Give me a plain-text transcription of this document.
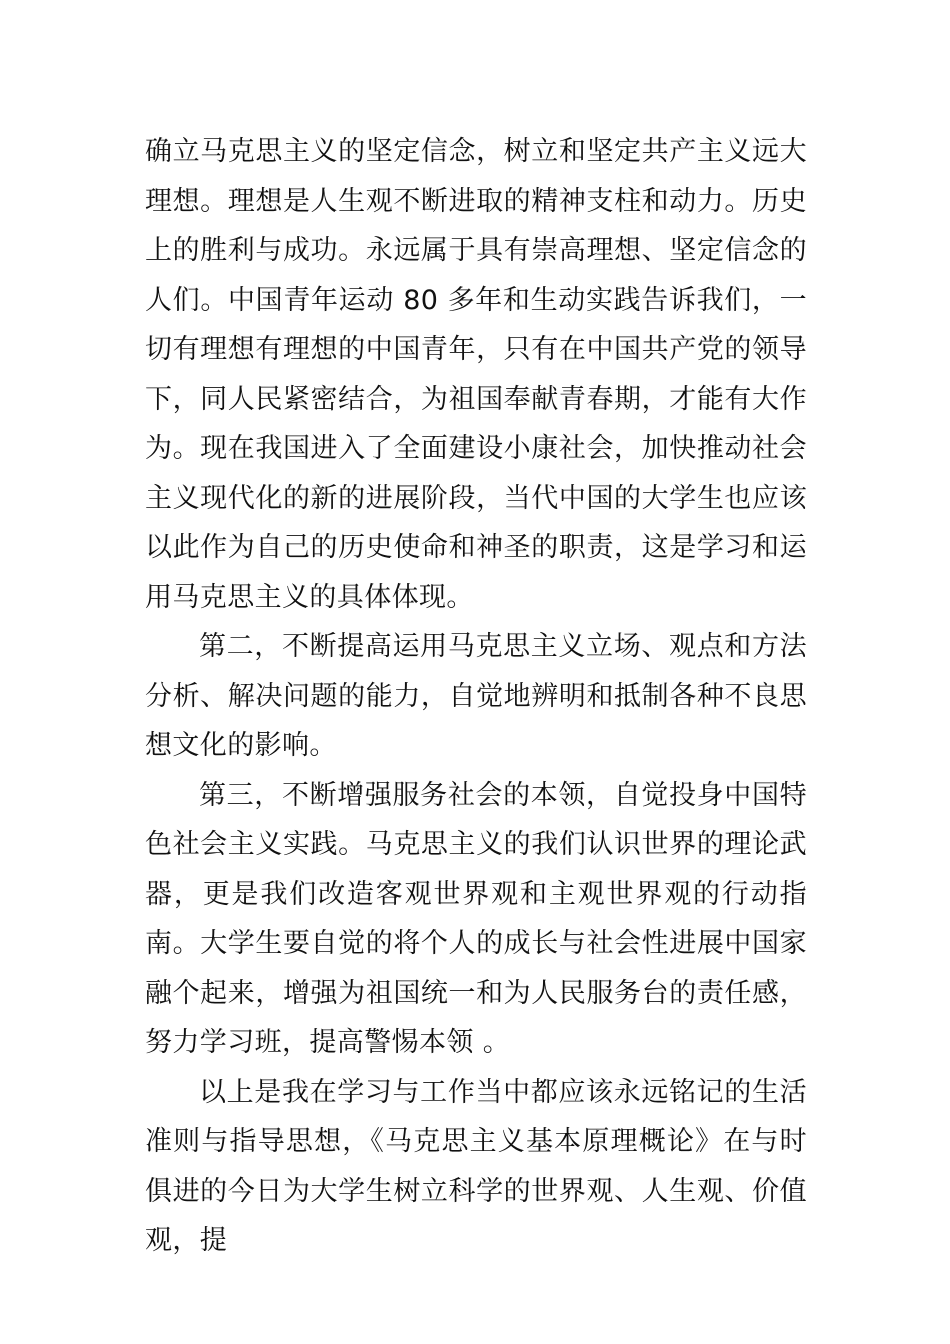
确立马克思主义的坚定信念，树立和坚定共产主义远大理想。理想是人生观不断进取的精神支柱和动力。历史上的胜利与成功。永远属于具有崇高理想、坚定信念的人们。中国青年运动 80 多年和生动实践告诉我们，一切有理想有理想的中国青年，只有在中国共产党的领导下，同人民紧密结合，为祖国奉献青春期，才能有大作为。现在我国进入了全面建设小康社会，加快推动社会主义现代化的新的进展阶段，当代中国的大学生也应该以此作为自己的历史使命和神圣的职责，这是学习和运用马克思主义的具体体现。

第二，不断提高运用马克思主义立场、观点和方法分析、解决问题的能力，自觉地辨明和抵制各种不良思想文化的影响。

第三，不断增强服务社会的本领，自觉投身中国特色社会主义实践。马克思主义的我们认识世界的理论武器，更是我们改造客观世界观和主观世界观的行动指南。大学生要自觉的将个人的成长与社会性进展中国家融个起来，增强为祖国统一和为人民服务台的责任感，努力学习班，提高警惕本领 。

以上是我在学习与工作当中都应该永远铭记的生活准则与指导思想，《马克思主义基本原理概论》在与时俱进的今日为大学生树立科学的世界观、人生观、价值观，提
